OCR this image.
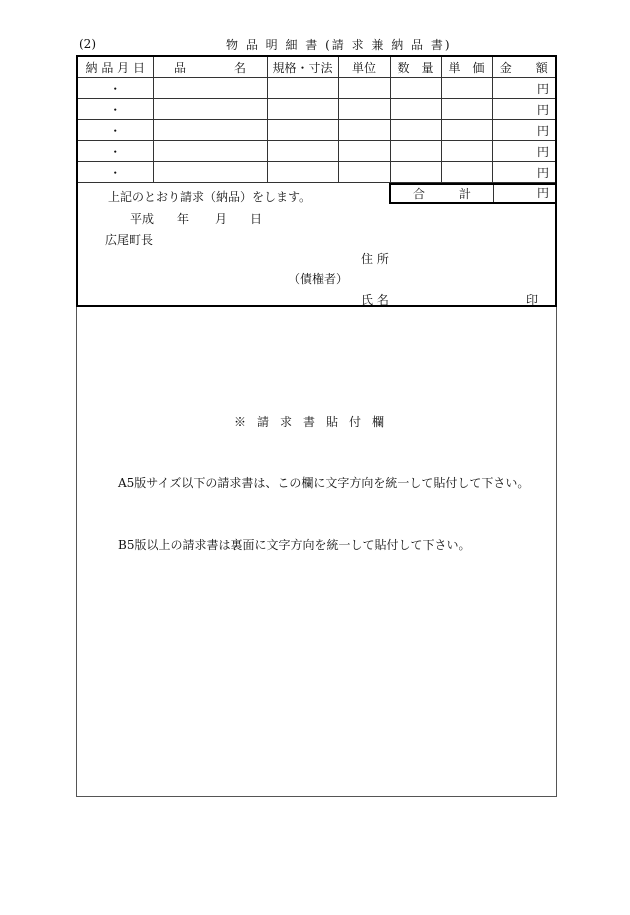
(2)	物 品 明 細 書 (請 求 兼 納 品 書)
納 品 月 日	品　　　　名	規格・寸法	単位	数　量	単　価	金　　額
・						円
・						円
・						円
・						円
・						円
上記のとおり請求（納品）をします。	合	計	円
平成 年 月 日
広尾町長
住 所
（債権者）
氏 名	印
※請求書貼付欄
A5版サイズ以下の請求書は、この欄に文字方向を統一して貼付して下さい。
B5版以上の請求書は裏面に文字方向を統一して貼付して下さい。
